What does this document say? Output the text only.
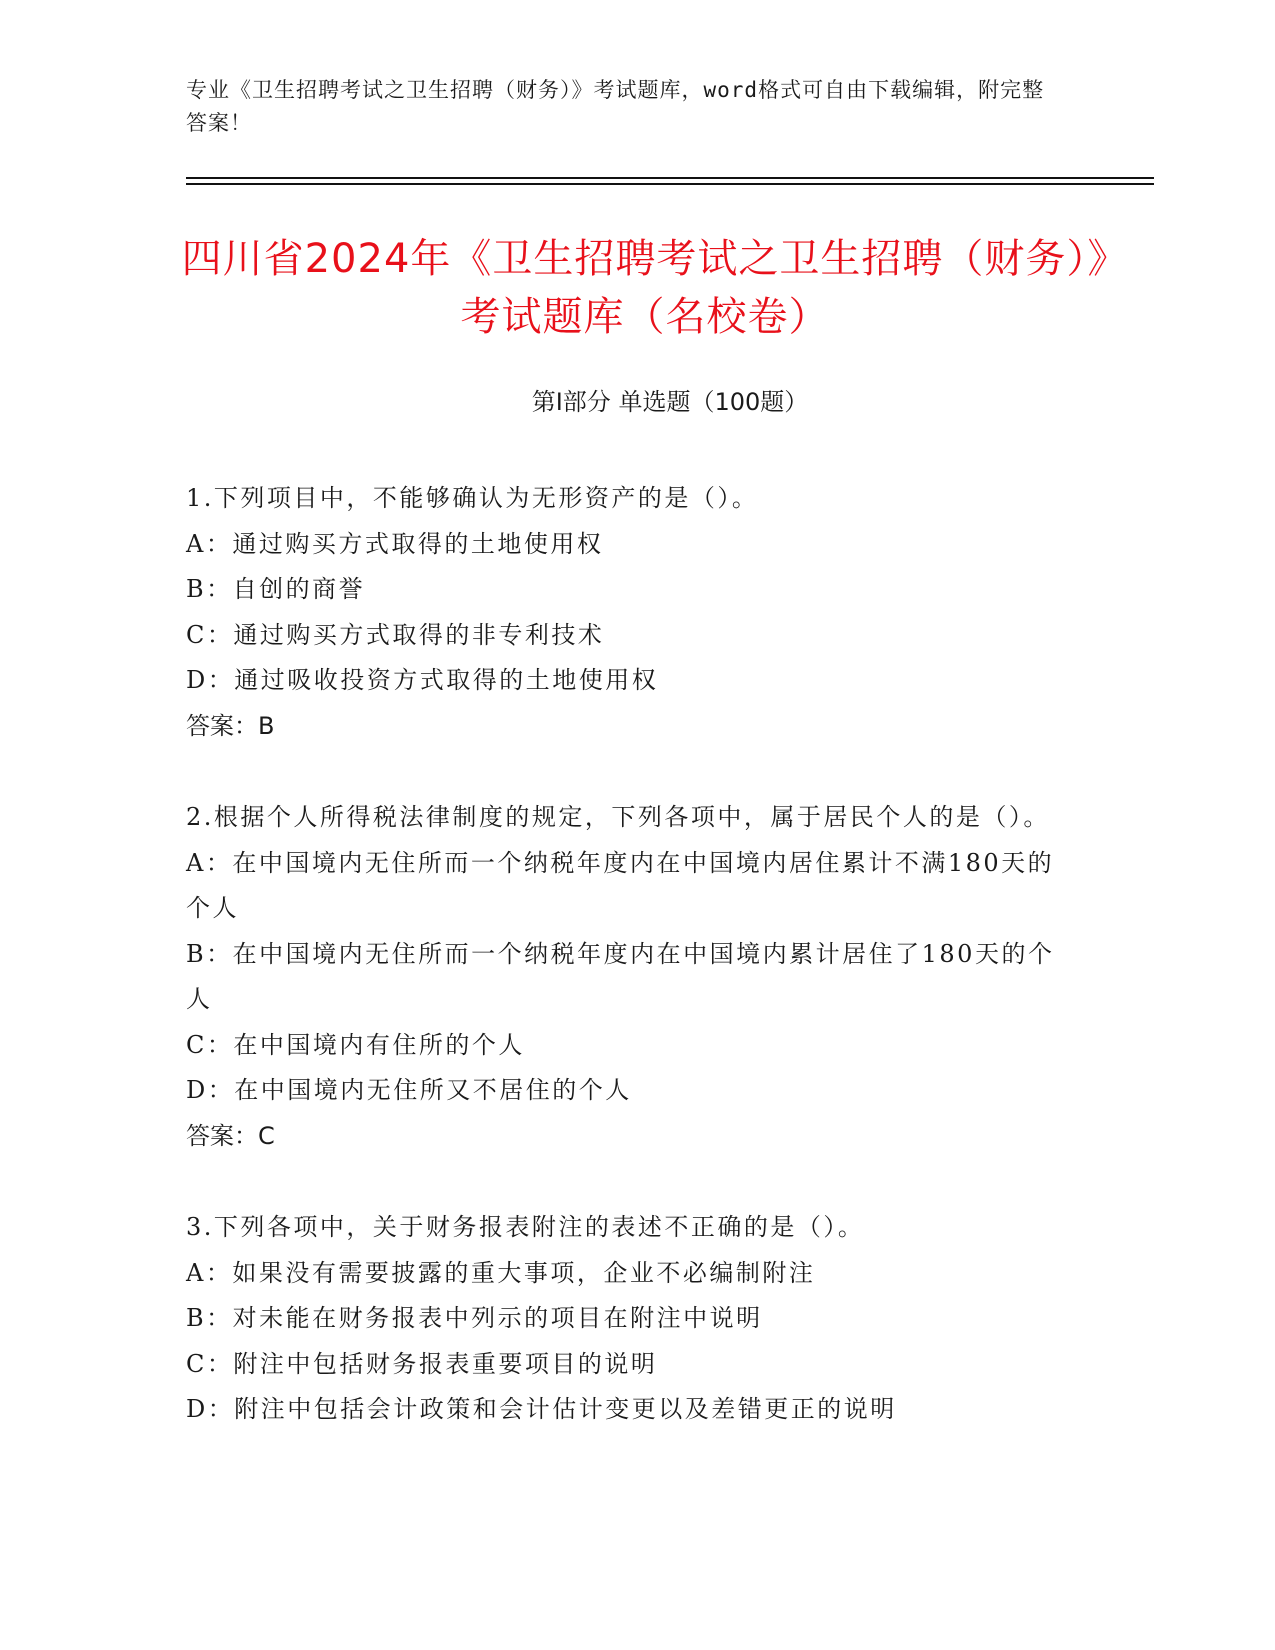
专业《卫生招聘考试之卫生招聘（财务）》考试题库，word格式可自由下载编辑，附完整答案！
四川省2024年《卫生招聘考试之卫生招聘（财务）》考试题库（名校卷）
第Ⅰ部分 单选题（100题）
1.下列项目中，不能够确认为无形资产的是（）。
A：通过购买方式取得的土地使用权
B：自创的商誉
C：通过购买方式取得的非专利技术
D：通过吸收投资方式取得的土地使用权
答案：B
2.根据个人所得税法律制度的规定，下列各项中，属于居民个人的是（）。
A：在中国境内无住所而一个纳税年度内在中国境内居住累计不满180天的个人
B：在中国境内无住所而一个纳税年度内在中国境内累计居住了180天的个人
C：在中国境内有住所的个人
D：在中国境内无住所又不居住的个人
答案：C
3.下列各项中，关于财务报表附注的表述不正确的是（）。
A：如果没有需要披露的重大事项，企业不必编制附注
B：对未能在财务报表中列示的项目在附注中说明
C：附注中包括财务报表重要项目的说明
D：附注中包括会计政策和会计估计变更以及差错更正的说明
